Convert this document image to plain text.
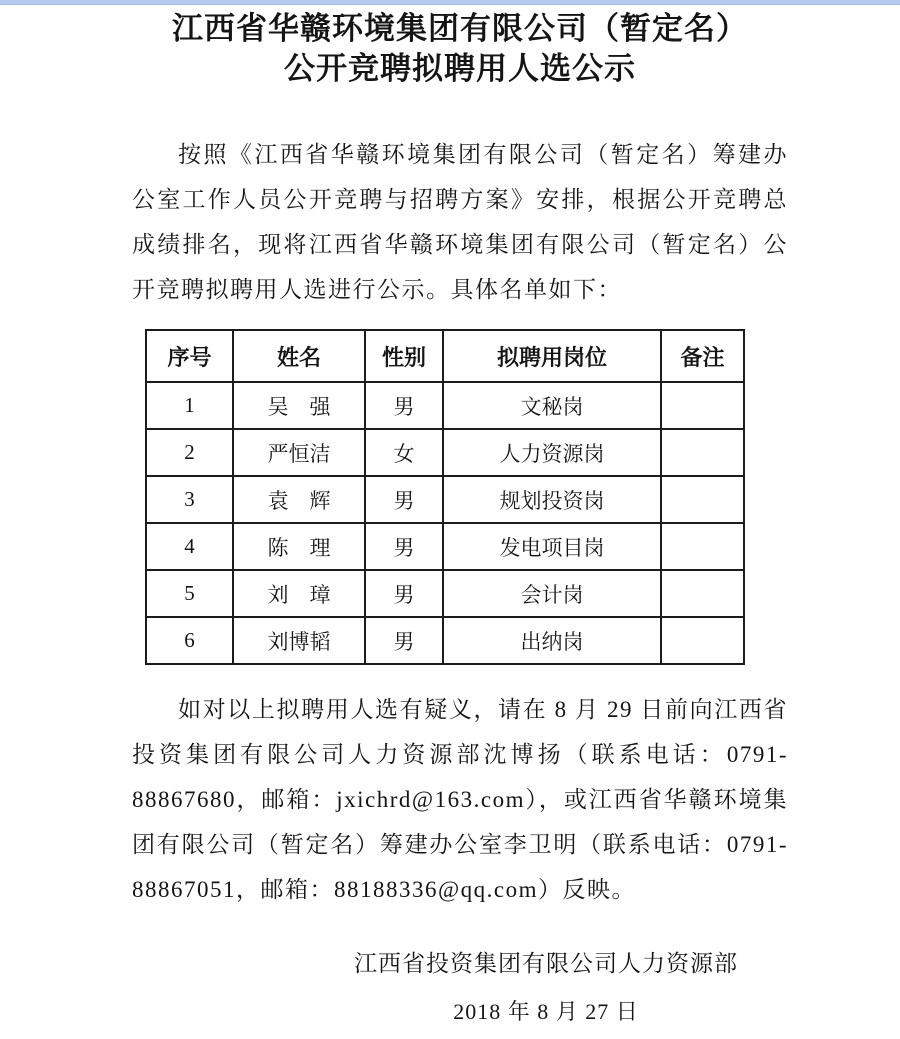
江西省华赣环境集团有限公司（暂定名）
公开竞聘拟聘用人选公示

按照《江西省华赣环境集团有限公司（暂定名）筹建办公室工作人员公开竞聘与招聘方案》安排，根据公开竞聘总成绩排名，现将江西省华赣环境集团有限公司（暂定名）公开竞聘拟聘用人选进行公示。具体名单如下：

序号	姓名	性别	拟聘用岗位	备注
1	吴　强	男	文秘岗	
2	严恒洁	女	人力资源岗	
3	袁　辉	男	规划投资岗	
4	陈　理	男	发电项目岗	
5	刘　璋	男	会计岗	
6	刘博韬	男	出纳岗	

如对以上拟聘用人选有疑义，请在 8 月 29 日前向江西省投资集团有限公司人力资源部沈博扬（联系电话：0791-88867680，邮箱：jxichrd@163.com），或江西省华赣环境集团有限公司（暂定名）筹建办公室李卫明（联系电话：0791-88867051，邮箱：88188336@qq.com）反映。

江西省投资集团有限公司人力资源部
2018 年 8 月 27 日
